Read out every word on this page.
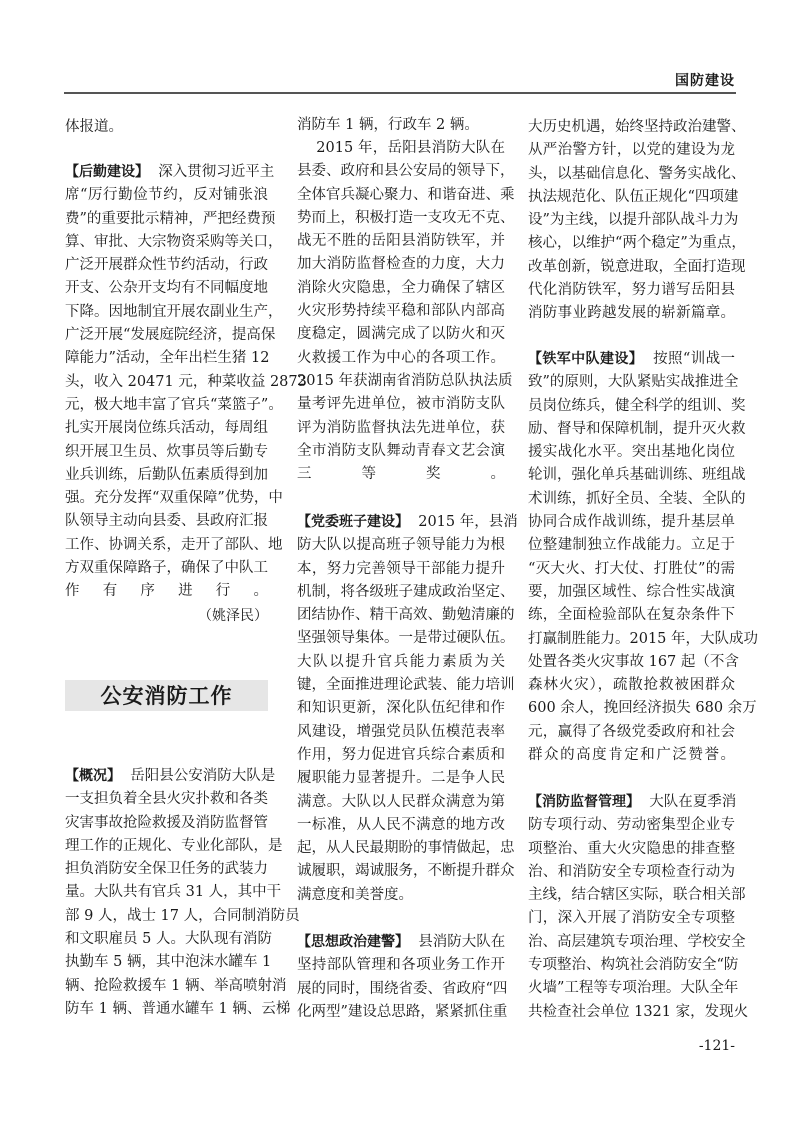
国防建设
（姚泽民）
公安消防工作
-121-
体报道。
【后勤建设】  深入贯彻习近平主
席“厉行勤俭节约，反对铺张浪
费”的重要批示精神，严把经费预
算、审批、大宗物资采购等关口，
广泛开展群众性节约活动，行政
开支、公杂开支均有不同幅度地
下降。因地制宜开展农副业生产，
广泛开展“发展庭院经济，提高保
障能力”活动，全年出栏生猪 12
头，收入 20471 元，种菜收益 2873
元，极大地丰富了官兵“菜篮子”。
扎实开展岗位练兵活动，每周组
织开展卫生员、炊事员等后勤专
业兵训练，后勤队伍素质得到加
强。充分发挥“双重保障”优势，中
队领导主动向县委、县政府汇报
工作、协调关系，走开了部队、地
方双重保障路子，确保了中队工
作有序进行。
【概况】  岳阳县公安消防大队是
一支担负着全县火灾扑救和各类
灾害事故抢险救援及消防监督管
理工作的正规化、专业化部队，是
担负消防安全保卫任务的武装力
量。大队共有官兵 31 人，其中干
部 9 人，战士 17 人，合同制消防员
和文职雇员 5 人。大队现有消防
执勤车 5 辆，其中泡沫水罐车 1
辆、抢险救援车 1 辆、举高喷射消
防车 1 辆、普通水罐车 1 辆、云梯
消防车 1 辆，行政车 2 辆。
2015 年，岳阳县消防大队在
县委、政府和县公安局的领导下，
全体官兵凝心聚力、和谐奋进、乘
势而上，积极打造一支攻无不克、
战无不胜的岳阳县消防铁军，并
加大消防监督检查的力度，大力
消除火灾隐患，全力确保了辖区
火灾形势持续平稳和部队内部高
度稳定，圆满完成了以防火和灭
火救援工作为中心的各项工作。
2015 年获湖南省消防总队执法质
量考评先进单位，被市消防支队
评为消防监督执法先进单位，获
全市消防支队舞动青春文艺会演
三等奖。
【党委班子建设】  2015 年，县消
防大队以提高班子领导能力为根
本，努力完善领导干部能力提升
机制，将各级班子建成政治坚定、
团结协作、精干高效、勤勉清廉的
坚强领导集体。一是带过硬队伍。
大队以提升官兵能力素质为关
键，全面推进理论武装、能力培训
和知识更新，深化队伍纪律和作
风建设，增强党员队伍模范表率
作用，努力促进官兵综合素质和
履职能力显著提升。二是争人民
满意。大队以人民群众满意为第
一标准，从人民不满意的地方改
起，从人民最期盼的事情做起，忠
诚履职，竭诚服务，不断提升群众
满意度和美誉度。
【思想政治建警】  县消防大队在
坚持部队管理和各项业务工作开
展的同时，围绕省委、省政府“四
化两型”建设总思路，紧紧抓住重
大历史机遇，始终坚持政治建警、
从严治警方针，以党的建设为龙
头，以基础信息化、警务实战化、
执法规范化、队伍正规化“四项建
设”为主线，以提升部队战斗力为
核心，以维护“两个稳定”为重点，
改革创新，锐意进取，全面打造现
代化消防铁军，努力谱写岳阳县
消防事业跨越发展的崭新篇章。
【铁军中队建设】  按照“训战一
致”的原则，大队紧贴实战推进全
员岗位练兵，健全科学的组训、奖
励、督导和保障机制，提升灭火救
援实战化水平。突出基地化岗位
轮训，强化单兵基础训练、班组战
术训练，抓好全员、全装、全队的
协同合成作战训练，提升基层单
位整建制独立作战能力。立足于
“灭大火、打大仗、打胜仗”的需
要，加强区域性、综合性实战演
练，全面检验部队在复杂条件下
打赢制胜能力。2015 年，大队成功
处置各类火灾事故 167 起（不含
森林火灾），疏散抢救被困群众
600 余人，挽回经济损失 680 余万
元，赢得了各级党委政府和社会
群众的高度肯定和广泛赞誉。
【消防监督管理】  大队在夏季消
防专项行动、劳动密集型企业专
项整治、重大火灾隐患的排查整
治、和消防安全专项检查行动为
主线，结合辖区实际，联合相关部
门，深入开展了消防安全专项整
治、高层建筑专项治理、学校安全
专项整治、构筑社会消防安全“防
火墙”工程等专项治理。大队全年
共检查社会单位 1321 家，发现火
